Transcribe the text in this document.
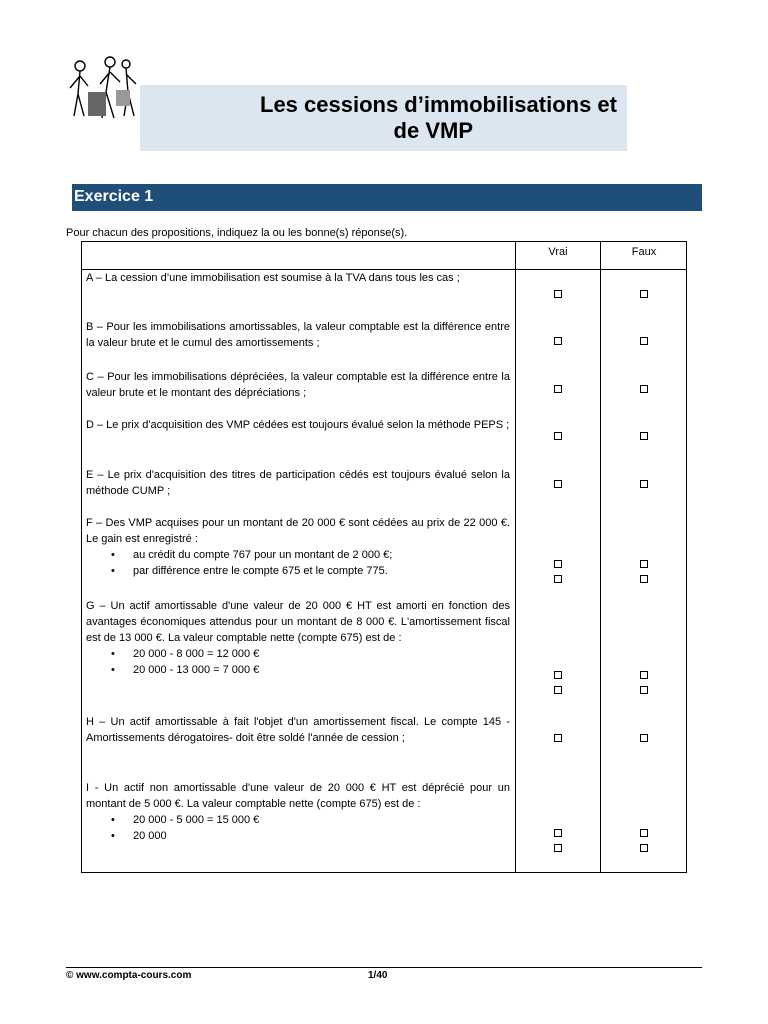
Les cessions d’immobilisations et
de VMP
Exercice 1
Pour chacun des propositions, indiquez la ou les bonne(s) réponse(s).
Vrai	Faux
A – La cession d’une immobilisation est soumise à la TVA dans tous les cas ;
B – Pour les immobilisations amortissables, la valeur comptable est la différence entre la valeur brute et le cumul des amortissements ;
C – Pour les immobilisations dépréciées, la valeur comptable est la différence entre la valeur brute et le montant des dépréciations ;
D – Le prix d'acquisition des VMP cédées est toujours évalué selon la méthode PEPS ;
E – Le prix d'acquisition des titres de participation cédés est toujours évalué selon la méthode CUMP ;
F – Des VMP acquises pour un montant de 20 000 € sont cédées au prix de 22 000 €. Le gain est enregistré :
• au crédit du compte 767 pour un montant de 2 000 €;
• par différence entre le compte 675 et le compte 775.
G – Un actif amortissable d'une valeur de 20 000 € HT est amorti en fonction des avantages économiques attendus pour un montant de 8 000 €. L'amortissement fiscal est de 13 000 €. La valeur comptable nette (compte 675) est de :
• 20 000 - 8 000 = 12 000 €
• 20 000 - 13 000 = 7 000 €
H – Un actif amortissable à fait l'objet d'un amortissement fiscal. Le compte 145 - Amortissements dérogatoires- doit être soldé l'année de cession ;
I - Un actif non amortissable d'une valeur de 20 000 € HT est déprécié pour un montant de 5 000 €. La valeur comptable nette (compte 675) est de :
• 20 000 - 5 000 = 15 000 €
• 20 000
© www.compta-cours.com	1/40
